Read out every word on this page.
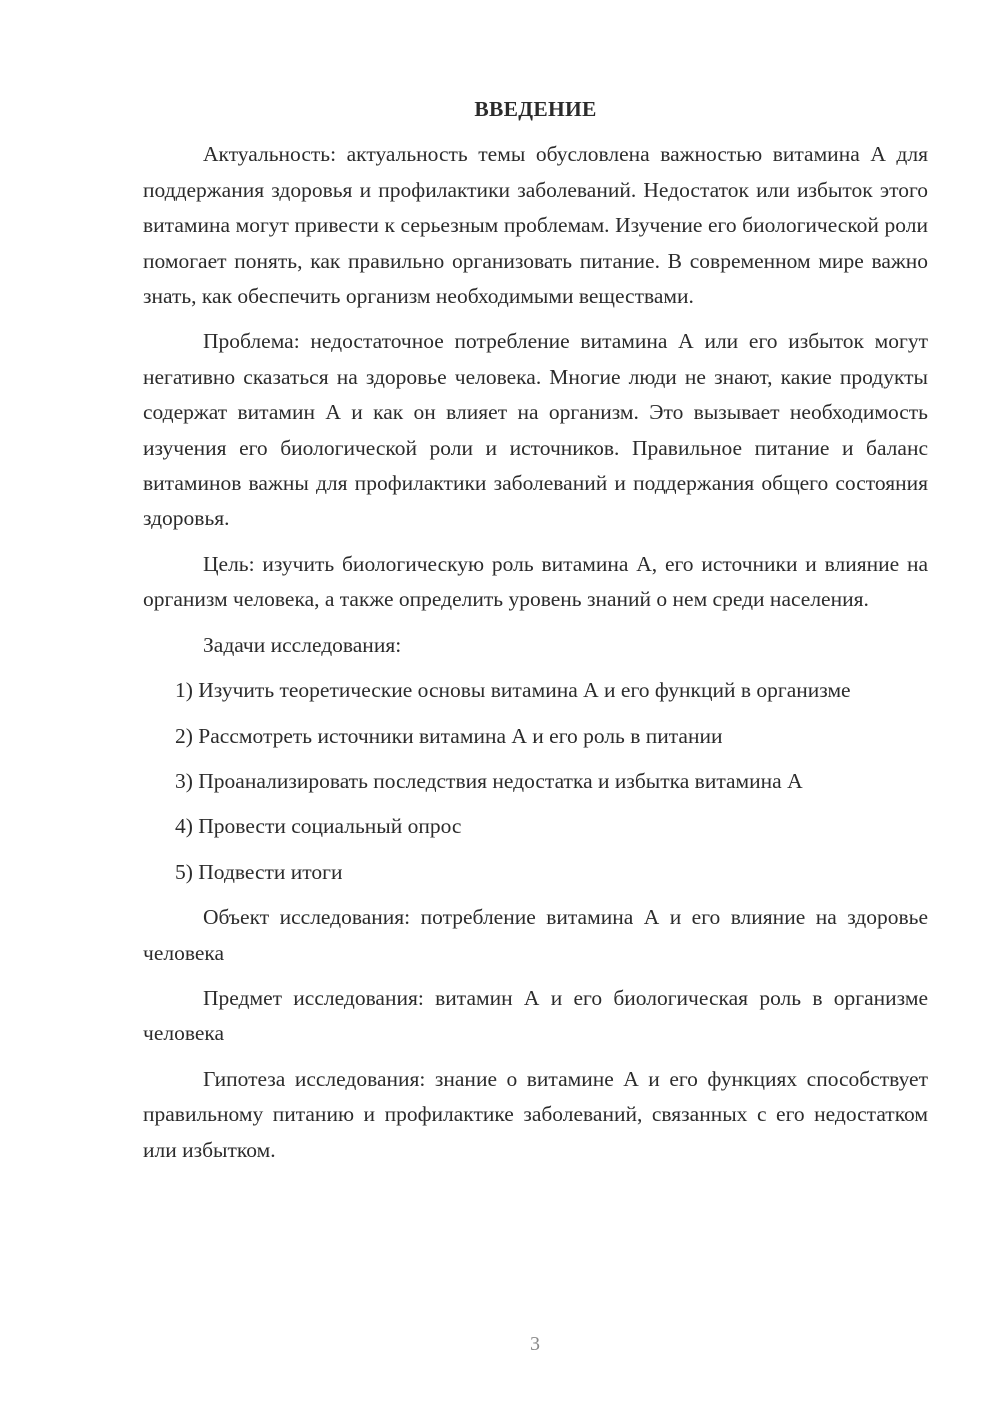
ВВЕДЕНИЕ

Актуальность: актуальность темы обусловлена важностью витамина А для поддержания здоровья и профилактики заболеваний. Недостаток или избыток этого витамина могут привести к серьезным проблемам. Изучение его биологической роли помогает понять, как правильно организовать питание. В современном мире важно знать, как обеспечить организм необходимыми веществами.

Проблема: недостаточное потребление витамина А или его избыток могут негативно сказаться на здоровье человека. Многие люди не знают, какие продукты содержат витамин А и как он влияет на организм. Это вызывает необходимость изучения его биологической роли и источников. Правильное питание и баланс витаминов важны для профилактики заболеваний и поддержания общего состояния здоровья.

Цель: изучить биологическую роль витамина А, его источники и влияние на организм человека, а также определить уровень знаний о нем среди населения.

Задачи исследования:

1) Изучить теоретические основы витамина А и его функций в организме

2) Рассмотреть источники витамина А и его роль в питании

3) Проанализировать последствия недостатка и избытка витамина А

4) Провести социальный опрос

5) Подвести итоги

Объект исследования: потребление витамина А и его влияние на здоровье человека

Предмет исследования: витамин А и его биологическая роль в организме человека

Гипотеза исследования: знание о витамине А и его функциях способствует правильному питанию и профилактике заболеваний, связанных с его недостатком или избытком.

3
